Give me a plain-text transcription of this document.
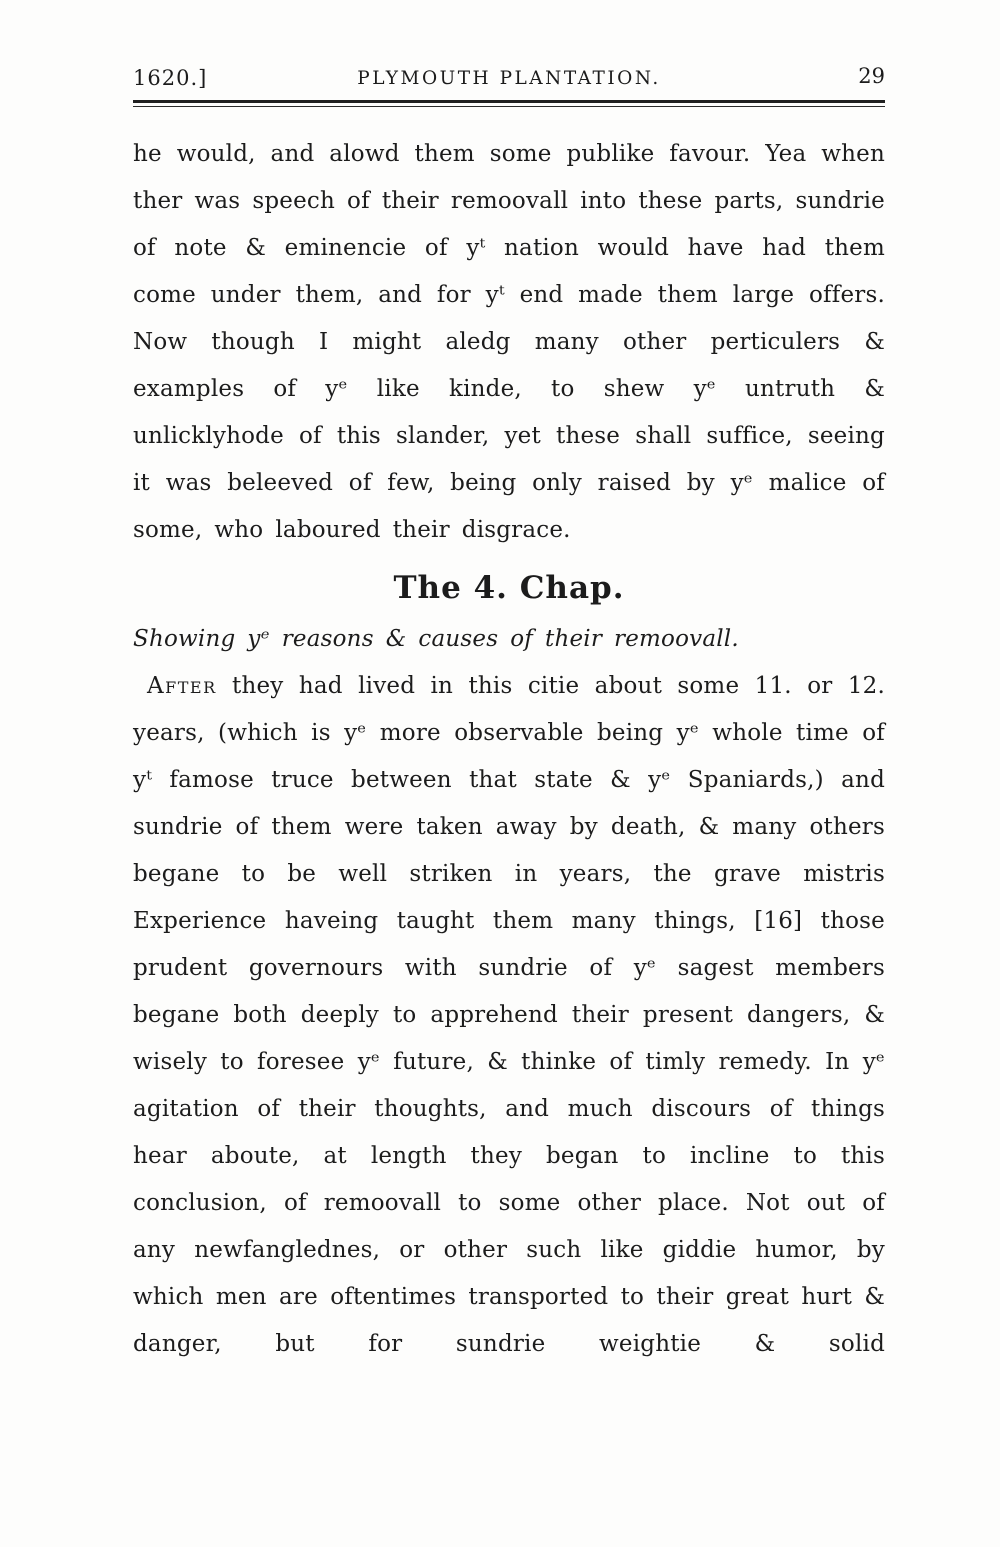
1620.]	PLYMOUTH PLANTATION.	29

he would, and alowd them some publike favour. Yea when ther was speech of their remoovall into these parts, sundrie of note & eminencie of yᵗ nation would have had them come under them, and for yᵗ end made them large offers. Now though I might aledg many other perticulers & examples of yᵉ like kinde, to shew yᵉ untruth & unlicklyhode of this slander, yet these shall suffice, seeing it was beleeved of few, being only raised by yᵉ malice of some, who laboured their disgrace.

The 4. Chap.

Showing yᵉ reasons & causes of their remoovall.

After they had lived in this citie about some 11. or 12. years, (which is yᵉ more observable being yᵉ whole time of yᵗ famose truce between that state & yᵉ Spaniards,) and sundrie of them were taken away by death, & many others begane to be well striken in years, the grave mistris Experience haveing taught them many things, [16] those prudent governours with sundrie of yᵉ sagest members begane both deeply to apprehend their present dangers, & wisely to foresee yᵉ future, & thinke of timly remedy. In yᵉ agitation of their thoughts, and much discours of things hear aboute, at length they began to incline to this conclusion, of remoovall to some other place. Not out of any newfanglednes, or other such like giddie humor, by which men are oftentimes transported to their great hurt & danger, but for sundrie weightie & solid
